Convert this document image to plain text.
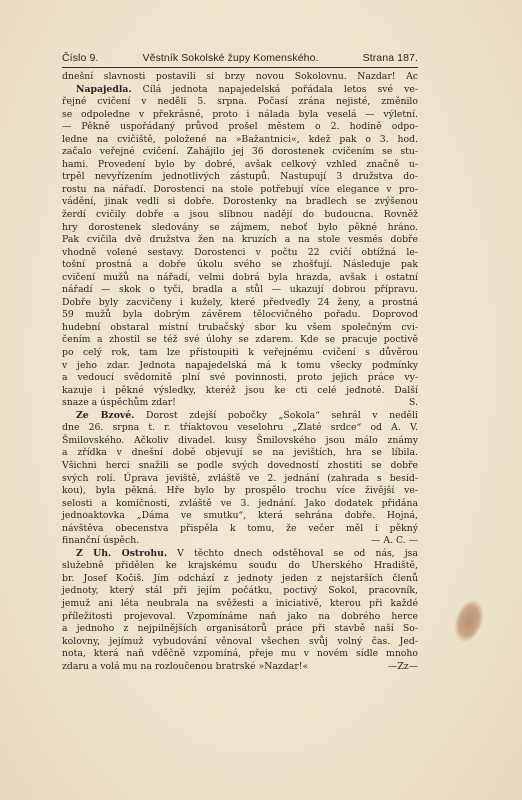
Číslo 9.	Věstník Sokolské župy Komenského.	Strana 187.
dnešní slavnosti postavili si brzy novou Sokolovnu. Nazdar! Ac
Napajedla. Cílá jednota napajedelská pořádala letos své ve-
řejné cvičení v neděli 5. srpna. Počasí zrána nejisté, změnilo
se odpoledne v překrásné, proto i nálada byla veselá — výletní.
— Pěkně uspořádaný průvod prošel městem o 2. hodině odpo-
ledne na cvičiště, položené na »Bažantnici«, kdež pak o 3. hod.
začalo veřejné cvičení. Zahájilo jej 36 dorostenek cvičením se stu-
hami. Provedení bylo by dobré, avšak celkový vzhled značně u-
trpěl nevyřízením jednotlivých zástupů. Nastupují 3 družstva do-
rostu na nářadí. Dorostenci na stole potřebují více elegance v pro-
vádění, jinak vedli si dobře. Dorostenky na bradlech se zvýšenou
žerdí cvičily dobře a jsou slibnou nadějí do budoucna. Rovněž
hry dorostenek sledovány se zájmem, neboť bylo pěkné hráno.
Pak cvičila dvě družstva žen na kruzích a na stole vesmés dobře
vhodně volené sestavy. Dorostenci v počtu 22 cvičí obtížná le-
tošní prostná a dobře úkolu svého se zhošťují. Následuje pak
cvičení mužů na nářadí, velmi dobrá byla hrazda, avšak i ostatní
nářadí — skok o tyči, bradla a stůl — ukazují dobrou přípravu.
Dobře byly zacvičeny i kužely, které předvedly 24 ženy, a prostná
59 mužů byla dobrým závěrem tělocvičného pořadu. Doprovod
hudební obstaral místní trubačský sbor ku všem společným cvi-
čením a zhostil se též své úlohy se zdarem. Kde se pracuje poctivě
po celý rok, tam lze přistoupiti k veřejnému cvičení s důvěrou
v jeho zdar. Jednota napajedelská má k tomu všecky podmínky
a vedoucí svědomitě plní své povinnosti, proto jejich práce vy-
kazuje i pěkné výsledky, kteréž jsou ke cti celé jednotě. Další
snaze a úspěchům zdar!	S.
Ze Bzové. Dorost zdejší pobočky „Sokola“ sehrál v neděli
dne 26. srpna t. r. tříaktovou veselohru „Zlaté srdce“ od A. V.
Šmilovského. Ačkoliv divadel. kusy Šmilovského jsou málo známy
a zřídka v dnešní době objevují se na jevištích, hra se líbila.
Všichni herci snažili se podle svých dovedností zhostiti se dobře
svých rolí. Úprava jeviště, zvláště ve 2. jednání (zahrada s besíd-
kou), byla pěkná. Hře bylo by prospělo trochu více živější ve-
selosti a komičnosti, zvláště ve 3. jednání. Jako dodatek přidána
jednoaktovka „Dáma ve smutku“, která sehrána dobře. Hojná,
návštěva obecenstva přispěla k tomu, že večer měl i pěkný
finanční úspěch.	— A. C. —
Z Uh. Ostrohu. V těchto dnech odstěhoval se od nás, jsa
služebně přidělen ke krajskému soudu do Uherského Hradiště,
br. Josef Kočiš. Jím odchází z jednoty jeden z nejstarších členů
jednoty, který stál při jejím počátku, poctivý Sokol, pracovník,
jemuž ani léta neubrala na svěžesti a iniciativě, kterou při každé
příležitosti projevoval. Vzpomínáme naň jako na dobrého herce
a jednoho z nejpilnějších organisátorů práce při stavbě naší So-
kolovny, jejímuž vybudování věnoval všechen svůj volný čas. Jed-
nota, která naň vděčně vzpomíná, přeje mu v novém sídle mnoho
zdaru a volá mu na rozloučenou bratrské »Nazdar!«	—Zz—
